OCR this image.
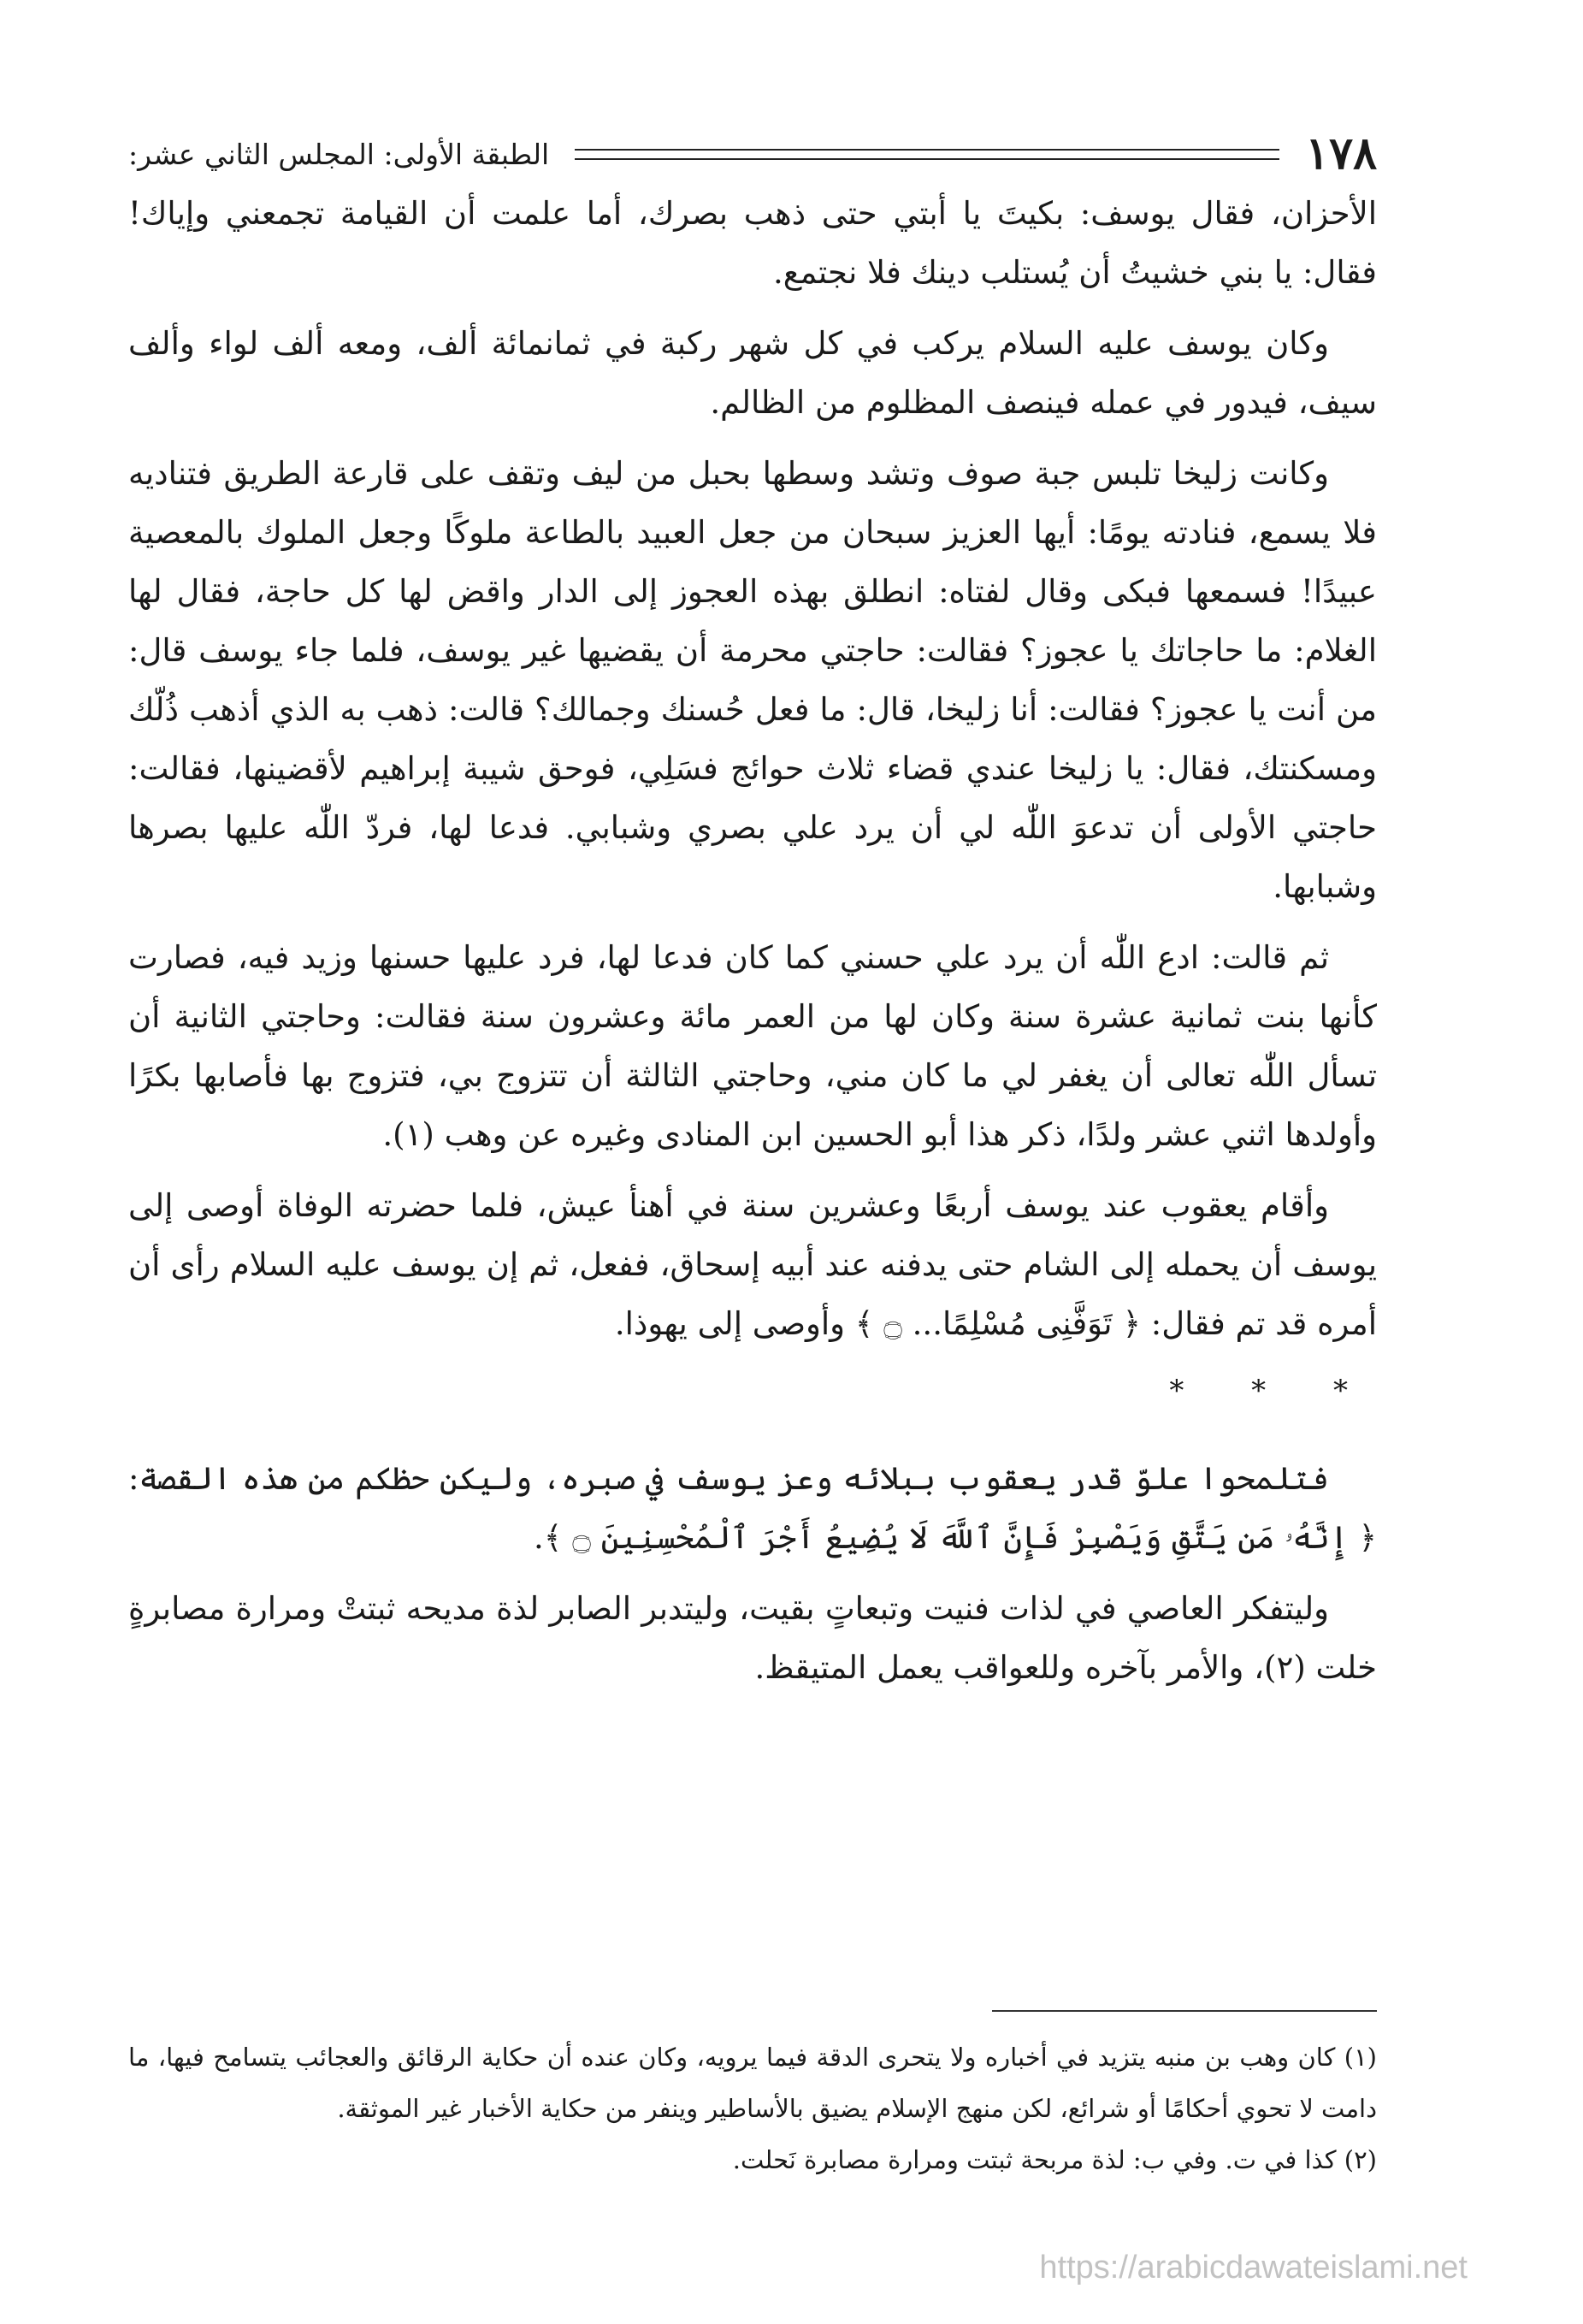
١٧٨
الطبقة الأولى: المجلس الثاني عشر:

الأحزان، فقال يوسف: بكيتَ يا أبتي حتى ذهب بصرك، أما علمت أن القيامة تجمعني وإياك! فقال: يا بني خشيتُ أن يُستلب دينك فلا نجتمع.

وكان يوسف عليه السلام يركب في كل شهر ركبة في ثمانمائة ألف، ومعه ألف لواء وألف سيف، فيدور في عمله فينصف المظلوم من الظالم.

وكانت زليخا تلبس جبة صوف وتشد وسطها بحبل من ليف وتقف على قارعة الطريق فتناديه فلا يسمع، فنادته يومًا: أيها العزيز سبحان من جعل العبيد بالطاعة ملوكًا وجعل الملوك بالمعصية عبيدًا! فسمعها فبكى وقال لفتاه: انطلق بهذه العجوز إلى الدار واقض لها كل حاجة، فقال لها الغلام: ما حاجاتك يا عجوز؟ فقالت: حاجتي محرمة أن يقضيها غير يوسف، فلما جاء يوسف قال: من أنت يا عجوز؟ فقالت: أنا زليخا، قال: ما فعل حُسنك وجمالك؟ قالت: ذهب به الذي أذهب ذُلّك ومسكنتك، فقال: يا زليخا عندي قضاء ثلاث حوائج فسَلِي، فوحق شيبة إبراهيم لأقضينها، فقالت: حاجتي الأولى أن تدعوَ اللّٰه لي أن يرد علي بصري وشبابي. فدعا لها، فردّ اللّٰه عليها بصرها وشبابها.

ثم قالت: ادع اللّٰه أن يرد علي حسني كما كان فدعا لها، فرد عليها حسنها وزيد فيه، فصارت كأنها بنت ثمانية عشرة سنة وكان لها من العمر مائة وعشرون سنة فقالت: وحاجتي الثانية أن تسأل اللّٰه تعالى أن يغفر لي ما كان مني، وحاجتي الثالثة أن تتزوج بي، فتزوج بها فأصابها بكرًا وأولدها اثني عشر ولدًا، ذكر هذا أبو الحسين ابن المنادى وغيره عن وهب (١).

وأقام يعقوب عند يوسف أربعًا وعشرين سنة في أهنأ عيش، فلما حضرته الوفاة أوصى إلى يوسف أن يحمله إلى الشام حتى يدفنه عند أبيه إسحاق، ففعل، ثم إن يوسف عليه السلام رأى أن أمره قد تم فقال: ﴿ تَوَفَّنِى مُسْلِمًا... ۝ ﴾ وأوصى إلى يهوذا.

* * *

فتلمحوا علوّ قدر يعقوب ببلائه وعز يوسف في صبره، وليكن حظكم من هذه القصة: ﴿ إِنَّهُۥ مَن يَتَّقِ وَيَصْبِرْ فَإِنَّ ٱللَّهَ لَا يُضِيعُ أَجْرَ ٱلْمُحْسِنِينَ ۝ ﴾.

وليتفكر العاصي في لذات فنيت وتبعاتٍ بقيت، وليتدبر الصابر لذة مديحه ثبتتْ ومرارة مصابرةٍ خلت (٢)، والأمر بآخره وللعواقب يعمل المتيقظ.

(١) كان وهب بن منبه يتزيد في أخباره ولا يتحرى الدقة فيما يرويه، وكان عنده أن حكاية الرقائق والعجائب يتسامح فيها، ما دامت لا تحوي أحكامًا أو شرائع، لكن منهج الإسلام يضيق بالأساطير وينفر من حكاية الأخبار غير الموثقة.

(٢) كذا في ت. وفي ب: لذة مربحة ثبتت ومرارة مصابرة نَحلت.

https://arabicdawateislami.net
